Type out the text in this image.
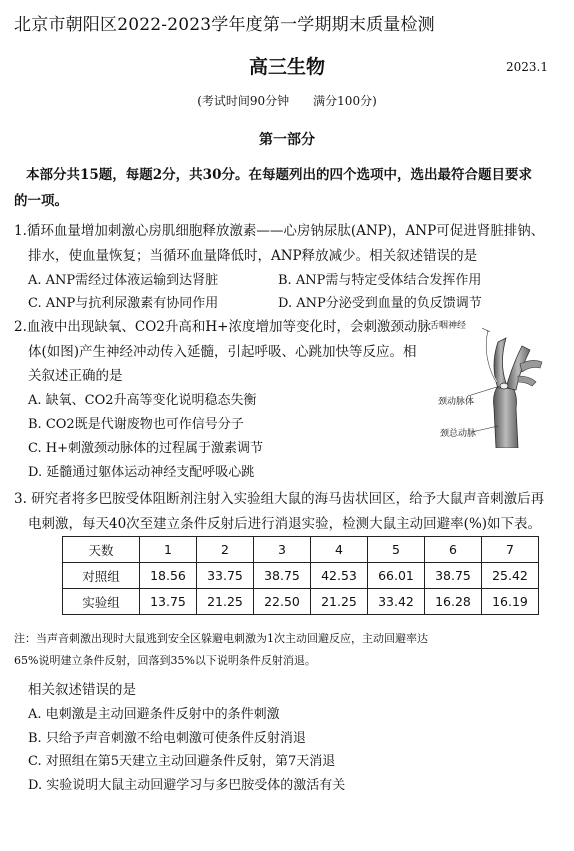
北京市朝阳区2022-2023学年度第一学期期末质量检测
高三生物	2023.1
(考试时间90分钟　　满分100分)
第一部分
本部分共15题，每题2分，共30分。在每题列出的四个选项中，选出最符合题目要求
的一项。
1.循环血量增加刺激心房肌细胞释放激素——心房钠尿肽(ANP)，ANP可促进肾脏排钠、
排水，使血量恢复；当循环血量降低时，ANP释放减少。相关叙述错误的是
A. ANP需经过体液运输到达肾脏	B. ANP需与特定受体结合发挥作用
C. ANP与抗利尿激素有协同作用	D. ANP分泌受到血量的负反馈调节
2.血液中出现缺氧、CO2升高和H+浓度增加等变化时，会刺激颈动脉
体(如图)产生神经冲动传入延髓，引起呼吸、心跳加快等反应。相
关叙述正确的是
A. 缺氧、CO2升高等变化说明稳态失衡
B. CO2既是代谢废物也可作信号分子
C. H+刺激颈动脉体的过程属于激素调节
D. 延髓通过躯体运动神经支配呼吸心跳
舌咽神经
颈动脉体
颈总动脉
3. 研究者将多巴胺受体阻断剂注射入实验组大鼠的海马齿状回区，给予大鼠声音刺激后再
电刺激，每天40次至建立条件反射后进行消退实验，检测大鼠主动回避率(%)如下表。
天数	1	2	3	4	5	6	7
对照组	18.56	33.75	38.75	42.53	66.01	38.75	25.42
实验组	13.75	21.25	22.50	21.25	33.42	16.28	16.19
注：当声音刺激出现时大鼠逃到安全区躲避电刺激为1次主动回避反应，主动回避率达
65%说明建立条件反射，回落到35%以下说明条件反射消退。
相关叙述错误的是
A. 电刺激是主动回避条件反射中的条件刺激
B. 只给予声音刺激不给电刺激可使条件反射消退
C. 对照组在第5天建立主动回避条件反射，第7天消退
D. 实验说明大鼠主动回避学习与多巴胺受体的激活有关
